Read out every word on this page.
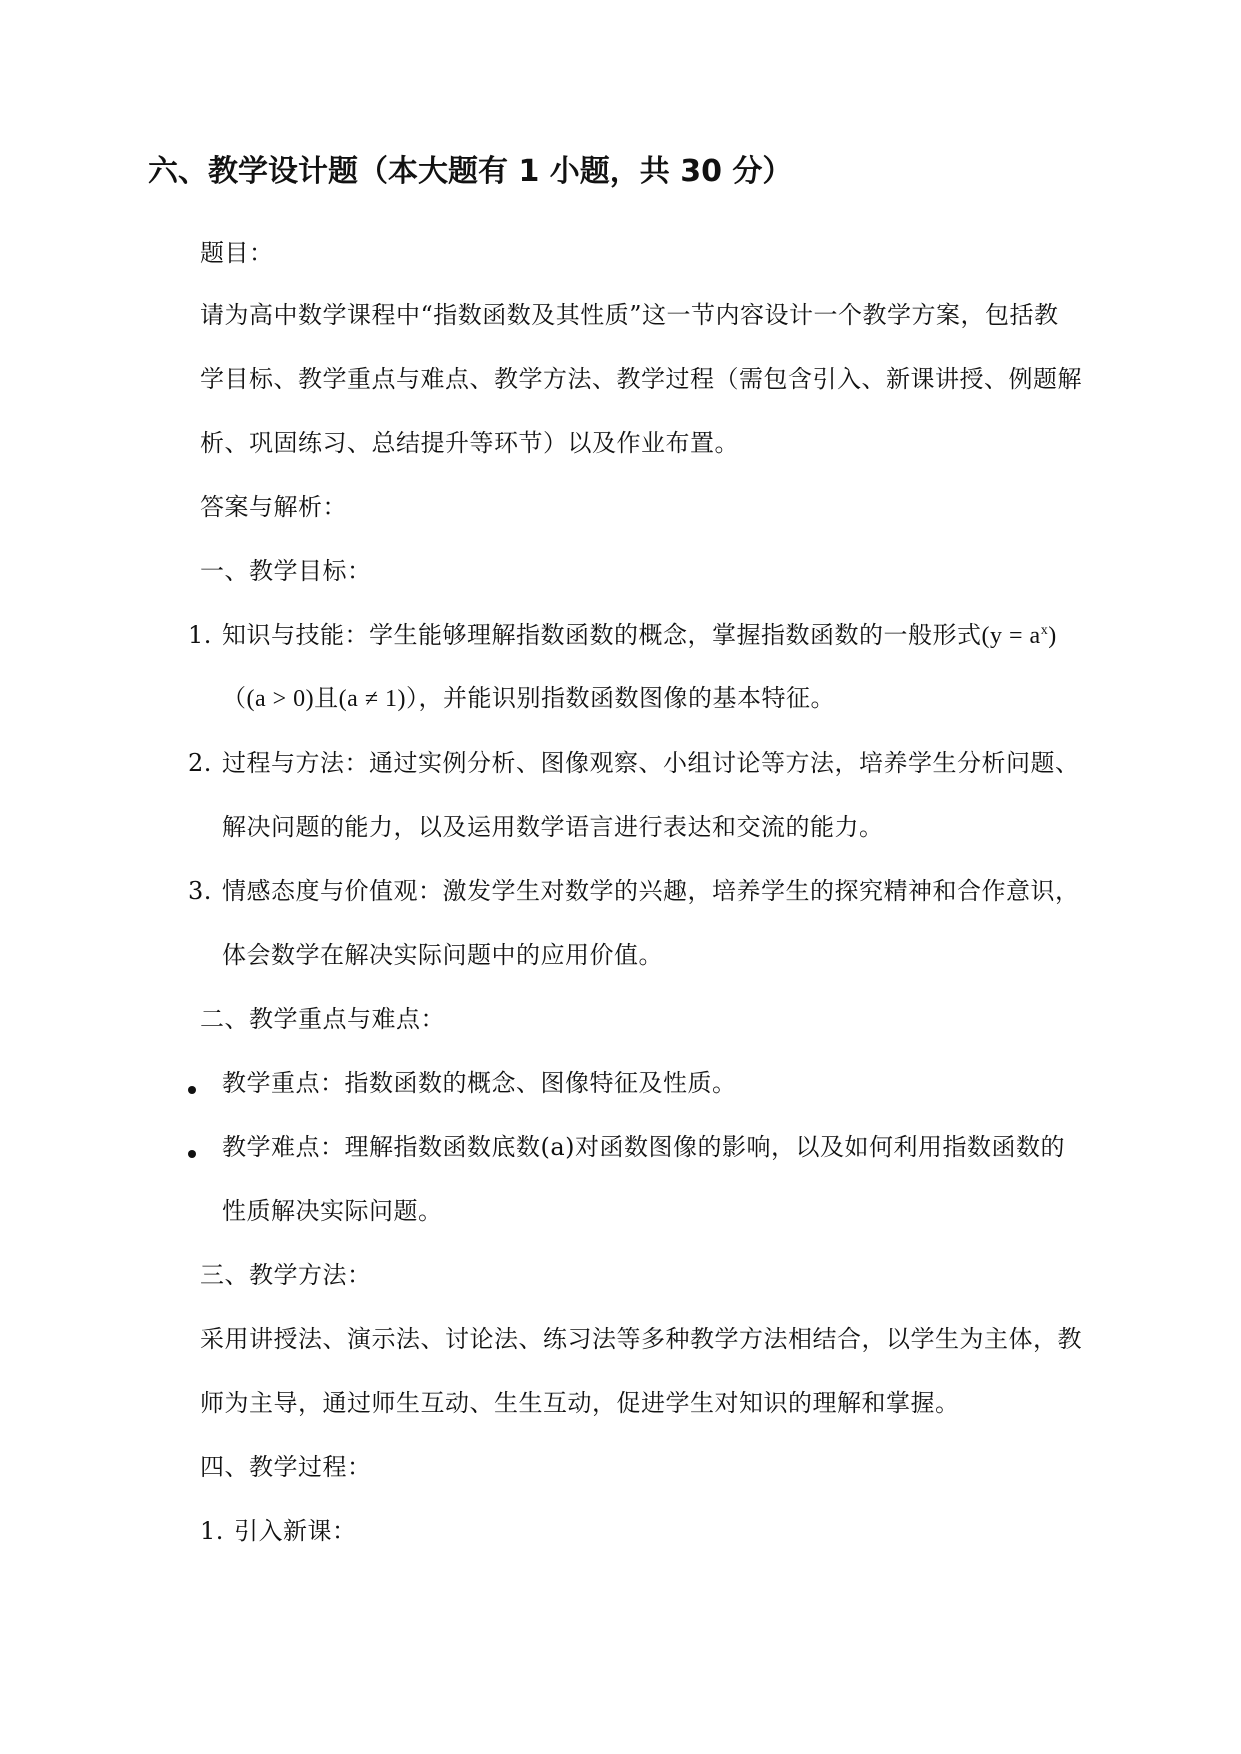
六、教学设计题（本大题有 1 小题，共 30 分）
题目：
请为高中数学课程中“指数函数及其性质”这一节内容设计一个教学方案，包括教
学目标、教学重点与难点、教学方法、教学过程（需包含引入、新课讲授、例题解
析、巩固练习、总结提升等环节）以及作业布置。
答案与解析：
一、教学目标：
1. 知识与技能：学生能够理解指数函数的概念，掌握指数函数的一般形式$(y = a^x)$
（(a > 0)且(a ≠ 1)），并能识别指数函数图像的基本特征。
2. 过程与方法：通过实例分析、图像观察、小组讨论等方法，培养学生分析问题、
解决问题的能力，以及运用数学语言进行表达和交流的能力。
3. 情感态度与价值观：激发学生对数学的兴趣，培养学生的探究精神和合作意识，
体会数学在解决实际问题中的应用价值。
二、教学重点与难点：
教学重点：指数函数的概念、图像特征及性质。
教学难点：理解指数函数底数(a)对函数图像的影响，以及如何利用指数函数的
性质解决实际问题。
三、教学方法：
采用讲授法、演示法、讨论法、练习法等多种教学方法相结合，以学生为主体，教
师为主导，通过师生互动、生生互动，促进学生对知识的理解和掌握。
四、教学过程：
1. 引入新课：
